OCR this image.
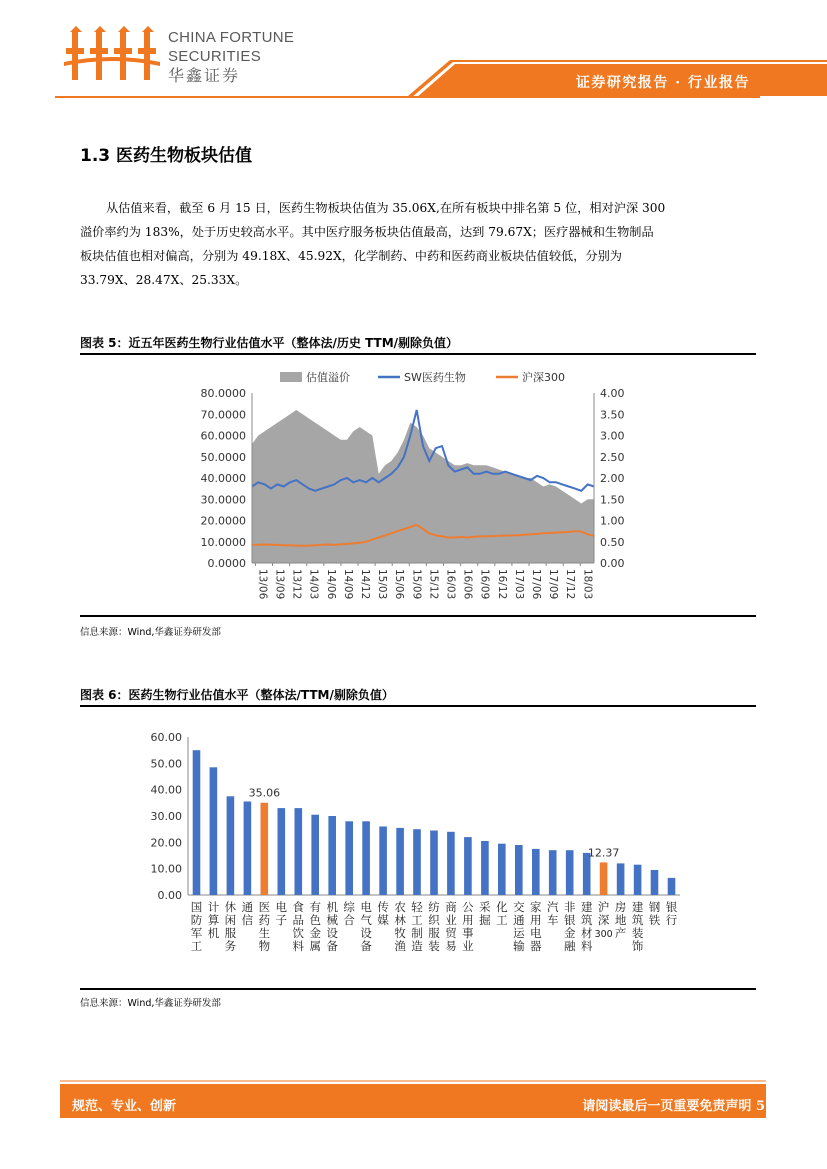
CHINA FORTUNE
SECURITIES
华鑫证券	证券研究报告 · 行业报告
1.3 医药生物板块估值

从估值来看，截至 6 月 15 日，医药生物板块估值为 35.06X,在所有板块中排名第 5 位，相对沪深 300

溢价率约为 183%，处于历史较高水平。其中医疗服务板块估值最高，达到 79.67X；医疗器械和生物制品
板块估值也相对偏高，分别为 49.18X、45.92X，化学制药、中药和医药商业板块估值较低，分别为
33.79X、28.47X、25.33X。
图表 5：近五年医药生物行业估值水平（整体法/历史 TTM/剔除负值）
估值溢价	SW医药生物	沪深300
80.0000
70.0000
60.0000
50.0000
40.0000
30.0000
20.0000
10.0000
0.0000
4.00
3.50
3.00
2.50
2.00
1.50
1.00
0.50
0.00
13/06 13/09 13/12 14/03 14/06 14/09 14/12 15/03 15/06 15/09 15/12 16/03 16/06 16/09 16/12 17/03 17/06 17/09 17/12 18/03
信息来源：Wind,华鑫证券研发部
图表 6：医药生物行业估值水平（整体法/TTM/剔除负值）
60.00
50.00
40.00
30.00
20.00
10.00
0.00
国防军工
计算机
休闲服务
通信
35.06
医药生物
电子
食品饮料
有色金属
机械设备
综合
电气设备
传媒
农林牧渔
轻工制造
纺织服装
商业贸易
公用事业
采掘
化工
交通运输
家用电器
汽车
非银金融
建筑材料
12.37
沪深 300
房地产
建筑装饰
钢铁
银行
信息来源：Wind,华鑫证券研发部
规范、专业、创新	请阅读最后一页重要免责声明 5
